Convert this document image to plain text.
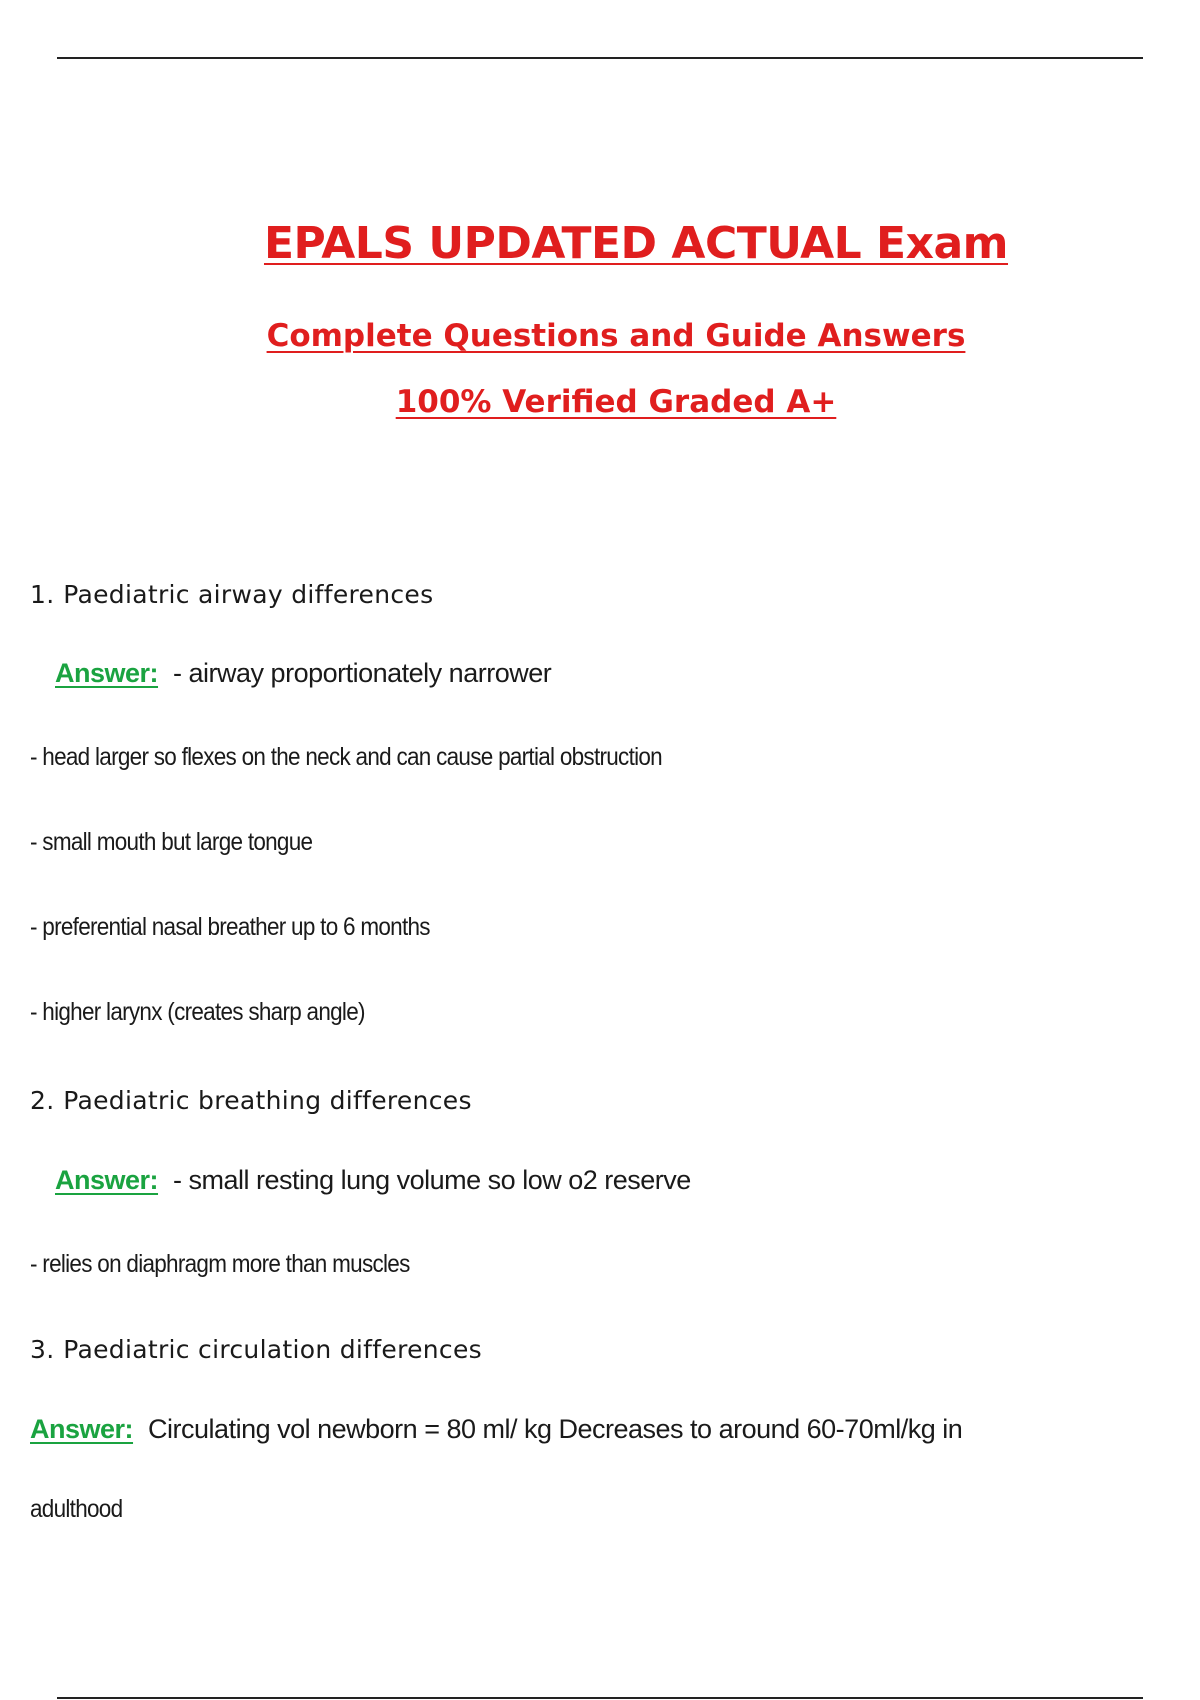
EPALS UPDATED ACTUAL Exam
Complete Questions and Guide Answers
100% Verified Graded A+
1. Paediatric airway differences
Answer: - airway proportionately narrower
- head larger so flexes on the neck and can cause partial obstruction
- small mouth but large tongue
- preferential nasal breather up to 6 months
- higher larynx (creates sharp angle)
2. Paediatric breathing differences
Answer: - small resting lung volume so low o2 reserve
- relies on diaphragm more than muscles
3. Paediatric circulation differences
Answer: Circulating vol newborn = 80 ml/ kg Decreases to around 60-70ml/kg in
adulthood
